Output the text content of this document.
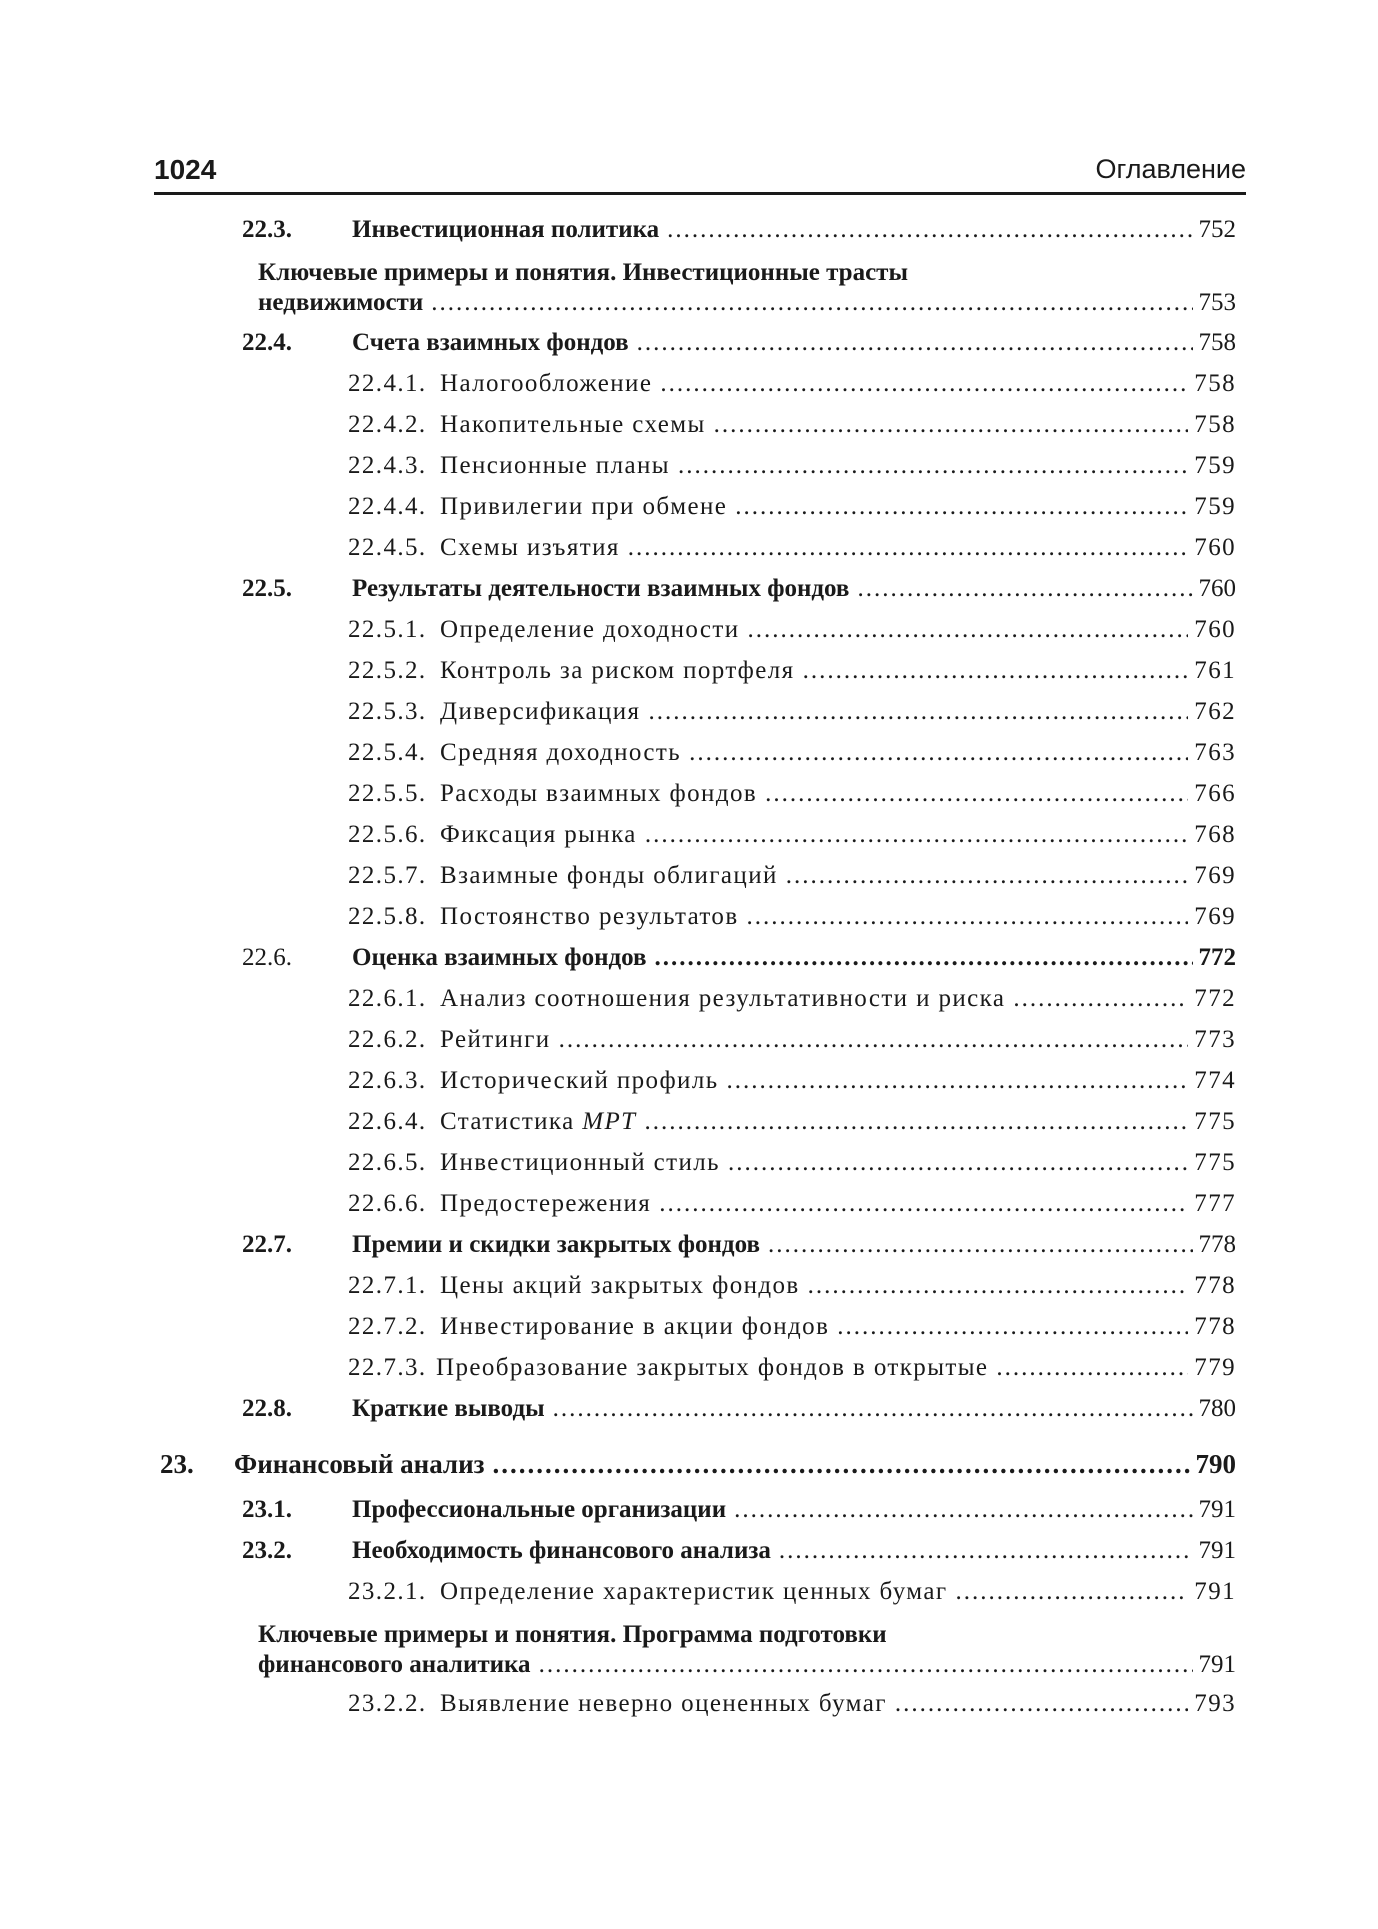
1024	Оглавление
22.3. Инвестиционная политика .....	752
Ключевые примеры и понятия. Инвестиционные трасты
недвижимости .....	753
22.4. Счета взаимных фондов .....	758
22.4.1. Налогообложение .....	758
22.4.2. Накопительные схемы .....	758
22.4.3. Пенсионные планы .....	759
22.4.4. Привилегии при обмене .....	759
22.4.5. Схемы изъятия .....	760
22.5. Результаты деятельности взаимных фондов .....	760
22.5.1. Определение доходности .....	760
22.5.2. Контроль за риском портфеля .....	761
22.5.3. Диверсификация .....	762
22.5.4. Средняя доходность .....	763
22.5.5. Расходы взаимных фондов .....	766
22.5.6. Фиксация рынка .....	768
22.5.7. Взаимные фонды облигаций .....	769
22.5.8. Постоянство результатов .....	769
22.6. Оценка взаимных фондов .....	772
22.6.1. Анализ соотношения результативности и риска .....	772
22.6.2. Рейтинги .....	773
22.6.3. Исторический профиль .....	774
22.6.4. Статистика MPT .....	775
22.6.5. Инвестиционный стиль .....	775
22.6.6. Предостережения .....	777
22.7. Премии и скидки закрытых фондов .....	778
22.7.1. Цены акций закрытых фондов .....	778
22.7.2. Инвестирование в акции фондов .....	778
22.7.3. Преобразование закрытых фондов в открытые .....	779
22.8. Краткие выводы .....	780
23. Финансовый анализ .....	790
23.1. Профессиональные организации .....	791
23.2. Необходимость финансового анализа .....	791
23.2.1. Определение характеристик ценных бумаг .....	791
Ключевые примеры и понятия. Программа подготовки
финансового аналитика .....	791
23.2.2. Выявление неверно оцененных бумаг .....	793
